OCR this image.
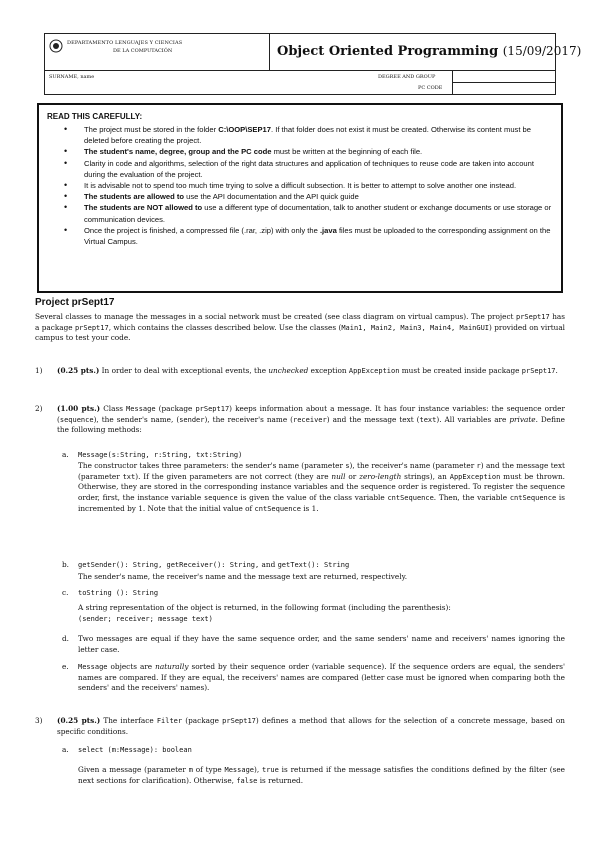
DEPARTAMENTO LENGUAJES Y CIENCIAS
DE LA COMPUTACIÓN	Object Oriented Programming (15/09/2017)
SURNAME, name	DEGREE AND GROUP
PC CODE
READ THIS CAREFULLY:
• The project must be stored in the folder C:\OOP\SEP17. If that folder does not exist it must be created. Otherwise its content must be deleted before creating the project.
• The student's name, degree, group and the PC code must be written at the beginning of each file.
• Clarity in code and algorithms, selection of the right data structures and application of techniques to reuse code are taken into account during the evaluation of the project.
• It is advisable not to spend too much time trying to solve a difficult subsection. It is better to attempt to solve another one instead.
• The students are allowed to use the API documentation and the API quick guide
• The students are NOT allowed to use a different type of documentation, talk to another student or exchange documents or use storage or communication devices.
• Once the project is finished, a compressed file (.rar, .zip) with only the .java files must be uploaded to the corresponding assignment on the Virtual Campus.
Project prSept17
Several classes to manage the messages in a social network must be created (see class diagram on virtual campus). The project prSept17 has a package prSept17, which contains the classes described below. Use the classes (Main1, Main2, Main3, Main4, MainGUI) provided on virtual campus to test your code.
1) (0.25 pts.) In order to deal with exceptional events, the unchecked exception AppException must be created inside package prSept17.
2) (1.00 pts.) Class Message (package prSept17) keeps information about a message. It has four instance variables: the sequence order (sequence), the sender's name, (sender), the receiver's name (receiver) and the message text (text). All variables are private. Define the following methods:
a. Message(s:String, r:String, txt:String)
The constructor takes three parameters: the sender's name (parameter s), the receiver's name (parameter r) and the message text (parameter txt). If the given parameters are not correct (they are null or zero-length strings), an AppException must be thrown. Otherwise, they are stored in the corresponding instance variables and the sequence order is registered. To register the sequence order, first, the instance variable sequence is given the value of the class variable cntSequence. Then, the variable cntSequence is incremented by 1. Note that the initial value of cntSequence is 1.
b. getSender(): String, getReceiver(): String, and getText(): String
The sender's name, the receiver's name and the message text are returned, respectively.
c. toString (): String
A string representation of the object is returned, in the following format (including the parenthesis):
(sender; receiver; message text)
d. Two messages are equal if they have the same sequence order, and the same senders' name and receivers' names ignoring the letter case.
e. Message objects are naturally sorted by their sequence order (variable sequence). If the sequence orders are equal, the senders' names are compared. If they are equal, the receivers' names are compared (letter case must be ignored when comparing both the senders' and the receivers' names).
3) (0.25 pts.) The interface Filter (package prSept17) defines a method that allows for the selection of a concrete message, based on specific conditions.
a. select (m:Message): boolean
Given a message (parameter m of type Message), true is returned if the message satisfies the conditions defined by the filter (see next sections for clarification). Otherwise, false is returned.
